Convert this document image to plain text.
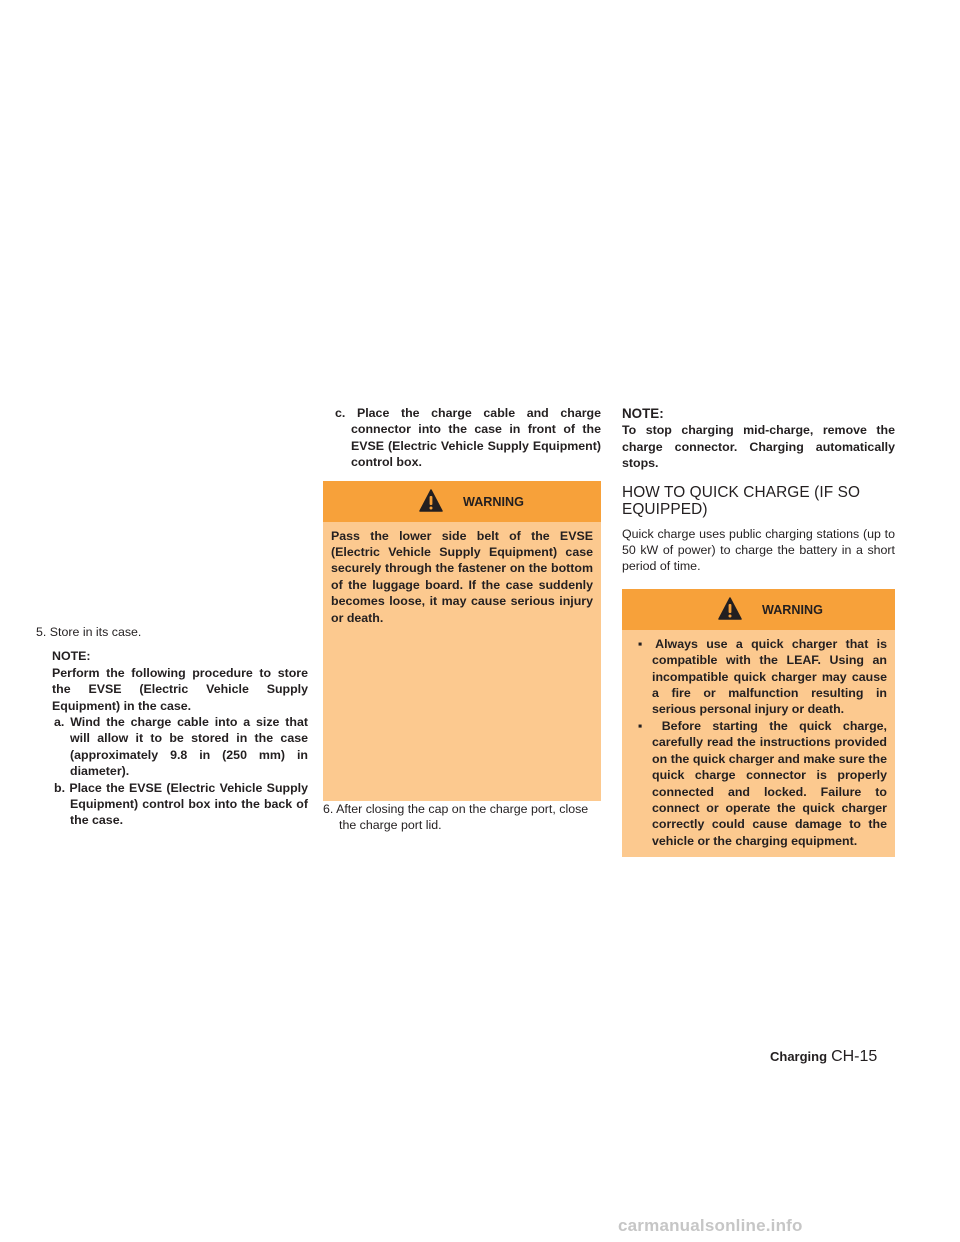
5. Store in its case.

NOTE:

Perform the following procedure to store the EVSE (Electric Vehicle Supply Equipment) in the case.

a. Wind the charge cable into a size that will allow it to be stored in the case (approximately 9.8 in (250 mm) in diameter).

b. Place the EVSE (Electric Vehicle Supply Equipment) control box into the back of the case.

c. Place the charge cable and charge connector into the case in front of the EVSE (Electric Vehicle Supply Equipment) control box.

WARNING

Pass the lower side belt of the EVSE (Electric Vehicle Supply Equipment) case securely through the fastener on the bottom of the luggage board. If the case suddenly becomes loose, it may cause serious injury or death.

6. After closing the cap on the charge port, close the charge port lid.

NOTE:

To stop charging mid-charge, remove the charge connector. Charging automatically stops.

HOW TO QUICK CHARGE (IF SO EQUIPPED)

Quick charge uses public charging stations (up to 50 kW of power) to charge the battery in a short period of time.

WARNING

▪ Always use a quick charger that is compatible with the LEAF. Using an incompatible quick charger may cause a fire or malfunction resulting in serious personal injury or death.

▪ Before starting the quick charge, carefully read the instructions provided on the quick charger and make sure the quick charge connector is properly connected and locked. Failure to connect or operate the quick charger correctly could cause damage to the vehicle or the charging equipment.

Charging CH-15
carmanualsonline.info
